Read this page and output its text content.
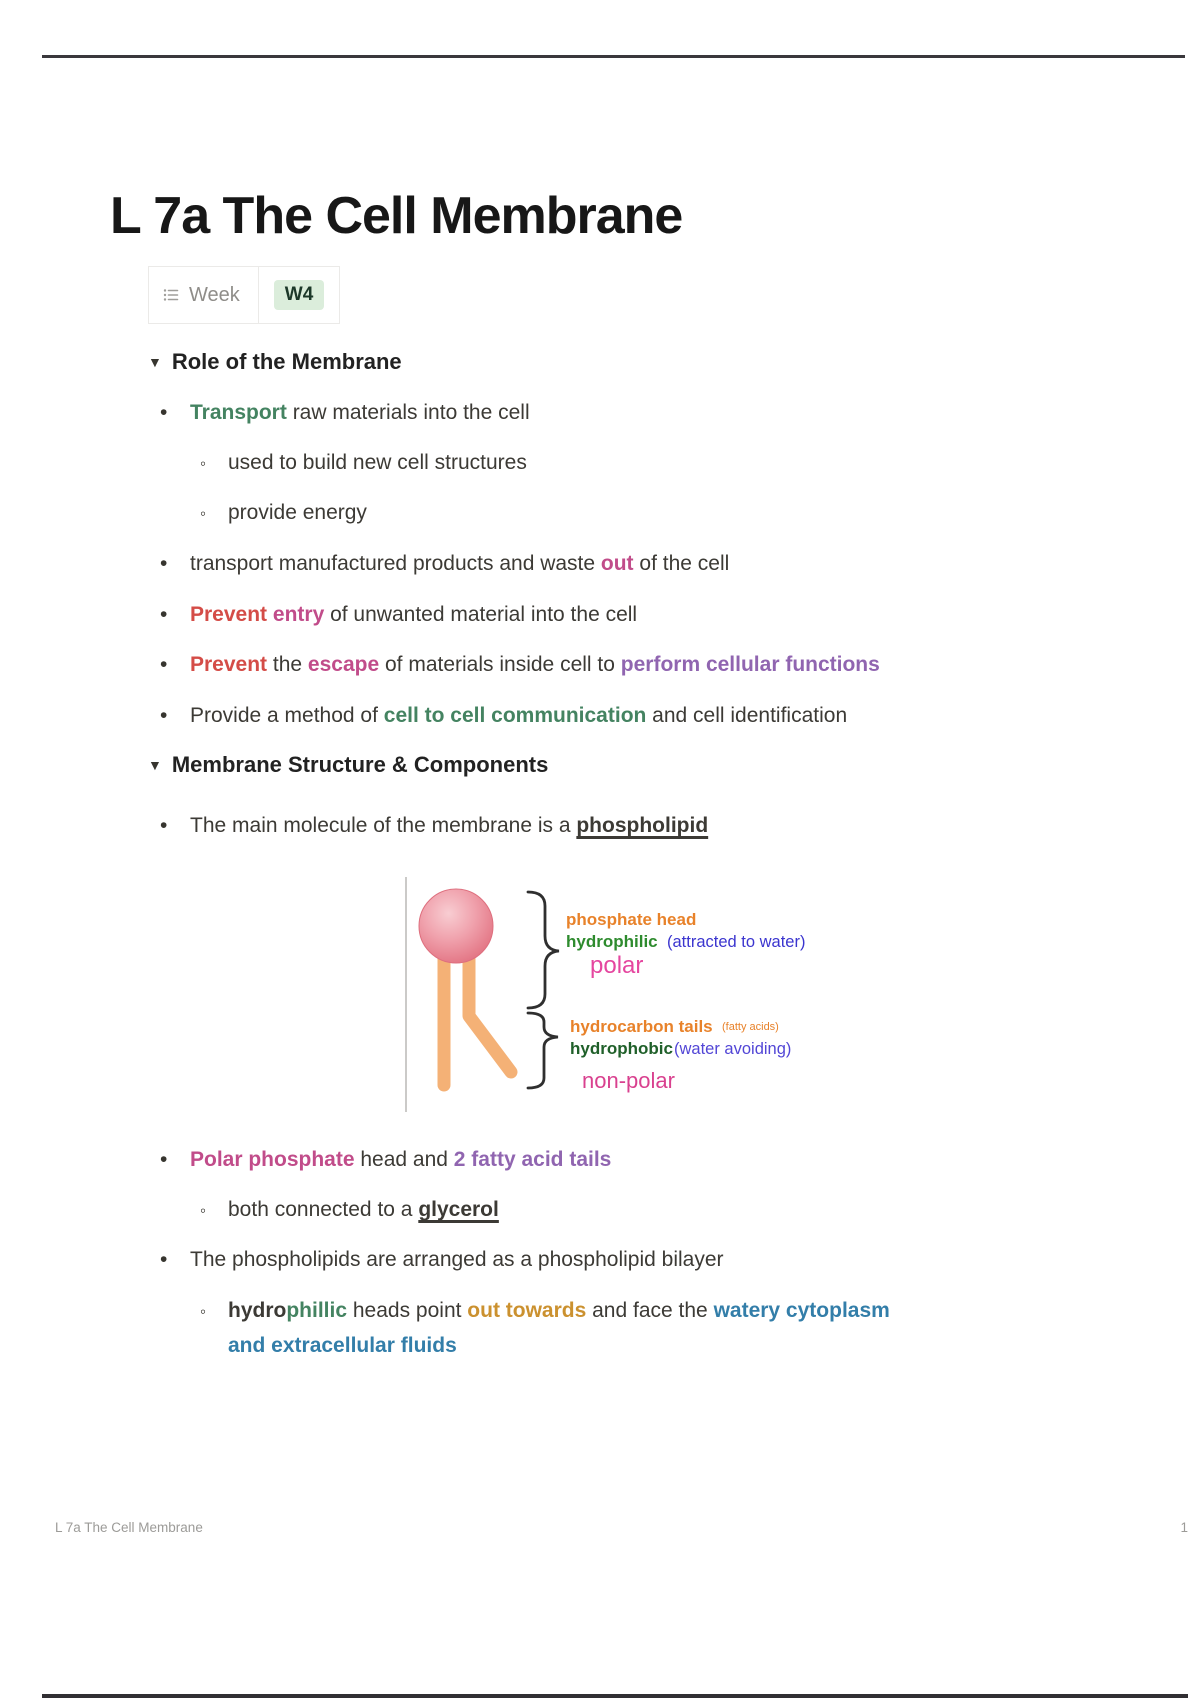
L 7a The Cell Membrane
Week	W4
▼ Role of the Membrane
• Transport raw materials into the cell
◦ used to build new cell structures
◦ provide energy
• transport manufactured products and waste out of the cell
• Prevent entry of unwanted material into the cell
• Prevent the escape of materials inside cell to perform cellular functions
• Provide a method of cell to cell communication and cell identification
▼ Membrane Structure & Components
• The main molecule of the membrane is a phospholipid
phosphate head
hydrophilic (attracted to water)
polar
hydrocarbon tails (fatty acids)
hydrophobic (water avoiding)
non-polar
• Polar phosphate head and 2 fatty acid tails
◦ both connected to a glycerol
• The phospholipids are arranged as a phospholipid bilayer
◦ hydrophillic heads point out towards and face the watery cytoplasm
and extracellular fluids
L 7a The Cell Membrane	1
